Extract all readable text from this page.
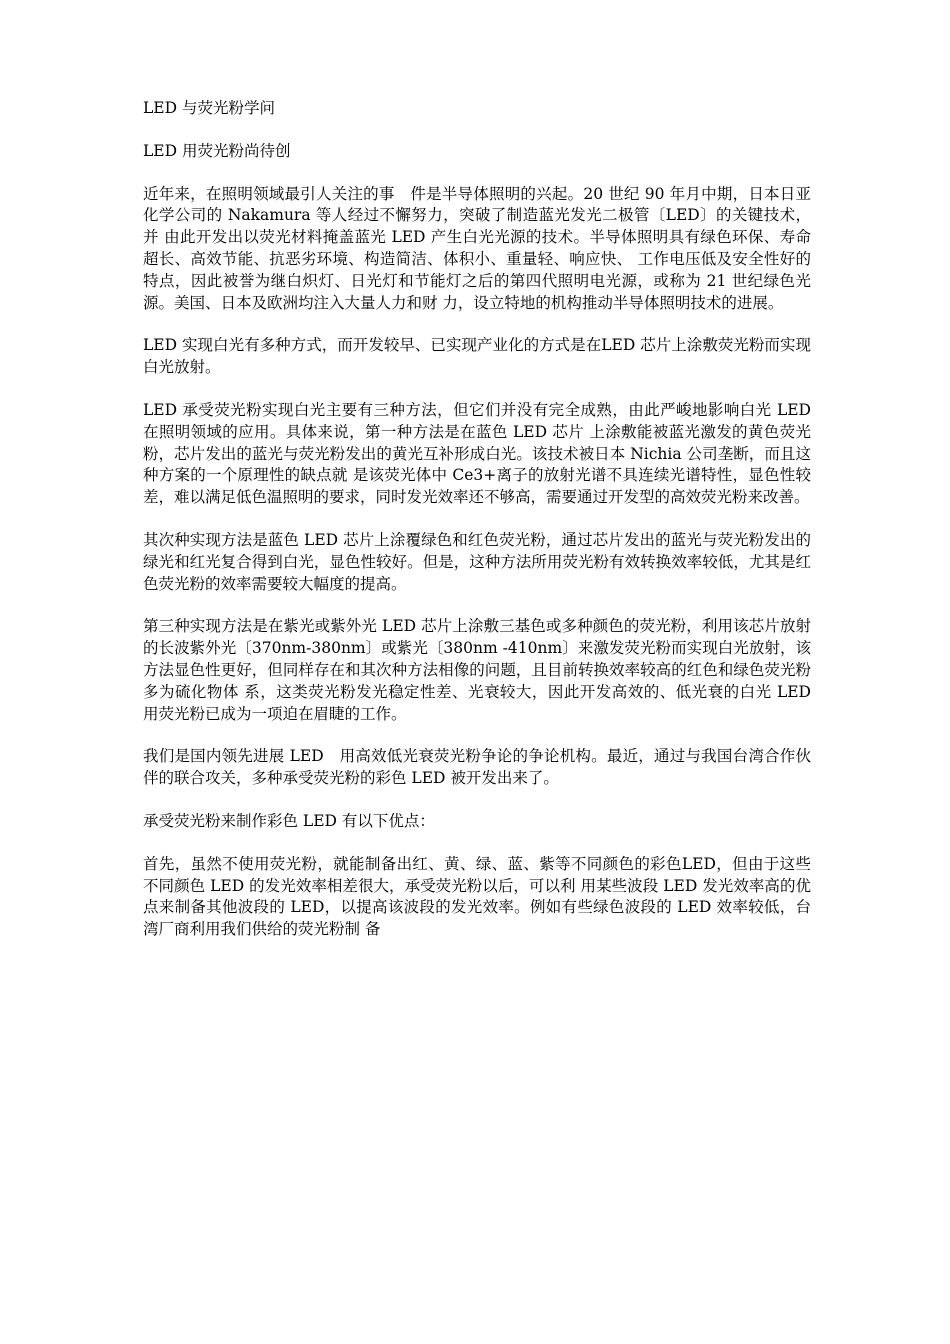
LED 与荧光粉学问

LED 用荧光粉尚待创

近年来，在照明领域最引人关注的事　件是半导体照明的兴起。20 世纪 90 年月中期，日本日亚化学公司的 Nakamura 等人经过不懈努力，突破了制造蓝光发光二极管〔LED〕的关键技术，并 由此开发出以荧光材料掩盖蓝光 LED 产生白光光源的技术。半导体照明具有绿色环保、寿命超长、高效节能、抗恶劣环境、构造简洁、体积小、重量轻、响应快、 工作电压低及安全性好的特点，因此被誉为继白炽灯、日光灯和节能灯之后的第四代照明电光源，或称为 21 世纪绿色光源。美国、日本及欧洲均注入大量人力和财 力，设立特地的机构推动半导体照明技术的进展。

LED 实现白光有多种方式，而开发较早、已实现产业化的方式是在LED 芯片上涂敷荧光粉而实现白光放射。

LED 承受荧光粉实现白光主要有三种方法，但它们并没有完全成熟，由此严峻地影响白光 LED 在照明领域的应用。具体来说，第一种方法是在蓝色 LED 芯片 上涂敷能被蓝光激发的黄色荧光粉，芯片发出的蓝光与荧光粉发出的黄光互补形成白光。该技术被日本 Nichia 公司垄断，而且这种方案的一个原理性的缺点就 是该荧光体中 Ce3+离子的放射光谱不具连续光谱特性，显色性较差，难以满足低色温照明的要求，同时发光效率还不够高，需要通过开发型的高效荧光粉来改善。

其次种实现方法是蓝色 LED 芯片上涂覆绿色和红色荧光粉，通过芯片发出的蓝光与荧光粉发出的绿光和红光复合得到白光，显色性较好。但是，这种方法所用荧光粉有效转换效率较低，尤其是红色荧光粉的效率需要较大幅度的提高。

第三种实现方法是在紫光或紫外光 LED 芯片上涂敷三基色或多种颜色的荧光粉，利用该芯片放射的长波紫外光〔370nm-380nm〕或紫光〔380nm -410nm〕来激发荧光粉而实现白光放射，该方法显色性更好，但同样存在和其次种方法相像的问题，且目前转换效率较高的红色和绿色荧光粉多为硫化物体 系，这类荧光粉发光稳定性差、光衰较大，因此开发高效的、低光衰的白光 LED 用荧光粉已成为一项迫在眉睫的工作。

我们是国内领先进展 LED　用高效低光衰荧光粉争论的争论机构。最近，通过与我国台湾合作伙伴的联合攻关，多种承受荧光粉的彩色 LED 被开发出来了。

承受荧光粉来制作彩色 LED 有以下优点：

首先，虽然不使用荧光粉，就能制备出红、黄、绿、蓝、紫等不同颜色的彩色LED，但由于这些不同颜色 LED 的发光效率相差很大，承受荧光粉以后，可以利 用某些波段 LED 发光效率高的优点来制备其他波段的 LED，以提高该波段的发光效率。例如有些绿色波段的 LED 效率较低，台湾厂商利用我们供给的荧光粉制 备
